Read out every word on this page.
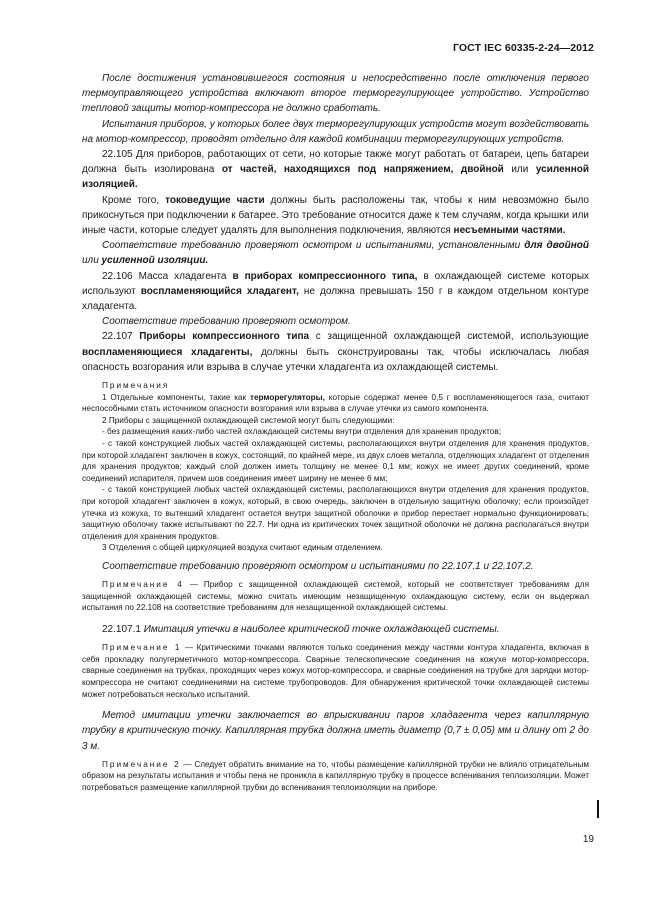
ГОСТ IEC 60335-2-24—2012

После достижения установившегося состояния и непосредственно после отключения первого термоуправляющего устройства включают второе терморегулирующее устройство. Устройство тепловой защиты мотор-компрессора не должно сработать.

Испытания приборов, у которых более двух терморегулирующих устройств могут воздействовать на мотор-компрессор, проводят отдельно для каждой комбинации терморегулирующих устройств.

22.105 Для приборов, работающих от сети, но которые также могут работать от батареи, цепь батареи должна быть изолирована от частей, находящихся под напряжением, двойной или усиленной изоляцией.

Кроме того, токоведущие части должны быть расположены так, чтобы к ним невозможно было прикоснуться при подключении к батарее. Это требование относится даже к тем случаям, когда крышки или иные части, которые следует удалять для выполнения подключения, являются несъемными частями.

Соответствие требованию проверяют осмотром и испытаниями, установленными для двойной или усиленной изоляции.

22.106 Масса хладагента в приборах компрессионного типа, в охлаждающей системе которых используют воспламеняющийся хладагент, не должна превышать 150 г в каждом отдельном контуре хладагента.

Соответствие требованию проверяют осмотром.

22.107 Приборы компрессионного типа с защищенной охлаждающей системой, использующие воспламеняющиеся хладагенты, должны быть сконструированы так, чтобы исключалась любая опасность возгорания или взрыва в случае утечки хладагента из охлаждающей системы.

Примечания

1 Отдельные компоненты, такие как терморегуляторы, которые содержат менее 0,5 г воспламеняющегося газа, считают неспособными стать источником опасности возгорания или взрыва в случае утечки из самого компонента.

2 Приборы с защищенной охлаждающей системой могут быть следующими:

- без размещения каких-либо частей охлаждающей системы внутри отделения для хранения продуктов;

- с такой конструкцией любых частей охлаждающей системы, располагающихся внутри отделения для хранения продуктов, при которой хладагент заключен в кожух, состоящий, по крайней мере, из двух слоев металла, отделяющих хладагент от отделения для хранения продуктов; каждый слой должен иметь толщину не менее 0,1 мм; кожух не имеет других соединений, кроме соединений испарителя, причем шов соединения имеет ширину не менее 6 мм;

- с такой конструкцией любых частей охлаждающей системы, располагающихся внутри отделения для хранения продуктов, при которой хладагент заключен в кожух, который, в свою очередь, заключен в отдельную защитную оболочку; если произойдет утечка из кожуха, то вытекший хладагент остается внутри защитной оболочки и прибор перестает нормально функционировать; защитную оболочку также испытывают по 22.7. Ни одна из критических точек защитной оболочки не должна располагаться внутри отделения для хранения продуктов.

3 Отделения с общей циркуляцией воздуха считают единым отделением.

Соответствие требованию проверяют осмотром и испытаниями по 22.107.1 и 22.107.2.

Примечание 4 — Прибор с защищенной охлаждающей системой, который не соответствует требованиям для защищенной охлаждающей системы, можно считать имеющим незащищенную охлаждающую систему, если он выдержал испытания по 22.108 на соответствие требованиям для незащищенной охлаждающей системы.

22.107.1 Имитация утечки в наиболее критической точке охлаждающей системы.

Примечание 1 — Критическими точками являются только соединения между частями контура хладагента, включая в себя прокладку полугерметичного мотор-компрессора. Сварные телескопические соединения на кожухе мотор-компрессора, сварные соединения на трубках, проходящих через кожух мотор-компрессора, и сварные соединения на трубке для зарядки мотор-компрессора не считают соединениями на системе трубопроводов. Для обнаружения критической точки охлаждающей системы может потребоваться несколько испытаний.

Метод имитации утечки заключается во впрыскивании паров хладагента через капиллярную трубку в критическую точку. Капиллярная трубка должна иметь диаметр (0,7 ± 0,05) мм и длину от 2 до 3 м.

Примечание 2 — Следует обратить внимание на то, чтобы размещение капиллярной трубки не влияло отрицательным образом на результаты испытания и чтобы пена не проникла в капиллярную трубку в процессе вспенивания теплоизоляции. Может потребоваться размещение капиллярной трубки до вспенивания теплоизоляции на приборе.

19
